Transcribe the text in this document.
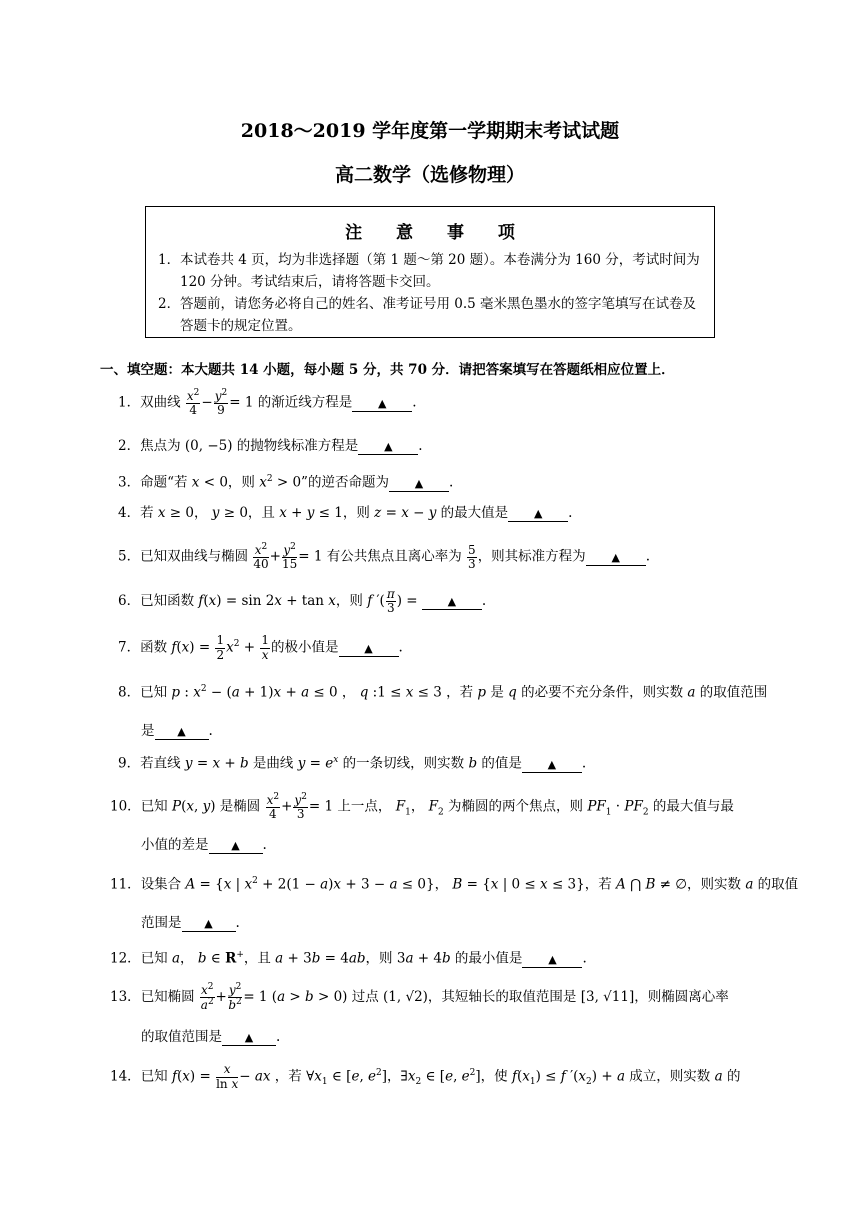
2018～2019 学年度第一学期期末考试试题
高二数学（选修物理）
注 意 事 项
1． 本试卷共 4 页，均为非选择题（第 1 题～第 20 题）。本卷满分为 160 分，考试时间为 120 分钟。考试结束后，请将答题卡交回。
2． 答题前，请您务必将自己的姓名、准考证号用 0.5 毫米黑色墨水的签字笔填写在试卷及答题卡的规定位置。
一、填空题：本大题共 14 小题，每小题 5 分，共 70 分．请把答案填写在答题纸相应位置上．
1．双曲线 $\frac{x^2}{4} - \frac{y^2}{9} = 1$ 的渐近线方程是 ▲ .
2．焦点为 (0, −5) 的抛物线标准方程是 ▲ .
3．命题“若 x < 0，则 $x^2 > 0$”的逆否命题为 ▲ .
4．若 x ≥ 0， y ≥ 0，且 x + y ≤ 1，则 z = x − y 的最大值是 ▲ .
5．已知双曲线与椭圆 $\frac{x^2}{40} + \frac{y^2}{15} = 1$ 有公共焦点且离心率为 $\frac{5}{3}$ ，则其标准方程为 ▲ .
6．已知函数 f(x) = sin 2x + tan x，则 f ′( $\frac{\pi}{3}$ ) = ▲ .
7．函数 $f(x) = \frac{1}{2} x^2 + \frac{1}{x}$ 的极小值是 ▲ .
8．已知 p : $x^2 - (a + 1)x + a \le 0$ ， q :1 ≤ x ≤ 3 ，若 p 是 q 的必要不充分条件，则实数 a 的取值范围
是 ▲ .
9．若直线 y = x + b 是曲线 $y = e^x$ 的一条切线，则实数 b 的值是 ▲ .
10．已知 P(x, y) 是椭圆 $\frac{x^2}{4} + \frac{y^2}{3} = 1$ 上一点， $F_1$， $F_2$ 为椭圆的两个焦点，则 $PF_1 \cdot PF_2$ 的最大值与最
小值的差是 ▲ .
11．设集合 A = {x | $x^2 + 2(1 - a)x + 3 - a \le 0$}， B = {x | 0 ≤ x ≤ 3}，若 A ⋂ B ≠ ∅，则实数 a 的取值
范围是 ▲ .
12．已知 a， b ∈ R+，且 a + 3b = 4ab，则 3a + 4b 的最小值是 ▲ .
13．已知椭圆 $\frac{x^2}{a^2} + \frac{y^2}{b^2} = 1$ (a > b > 0) 过点 (1, √2)，其短轴长的取值范围是 [3, √11]，则椭圆离心率
的取值范围是 ▲ .
14．已知 $f(x) = \frac{x}{\text{ln x}}$ − ax ，若 $\forall x_1$ ∈ [e, $e^2$]，$\exists x_2$ ∈ [e, $e^2$]，使 $f(x_1) \le f$ $'(x_2) + a$ 成立，则实数 a 的
